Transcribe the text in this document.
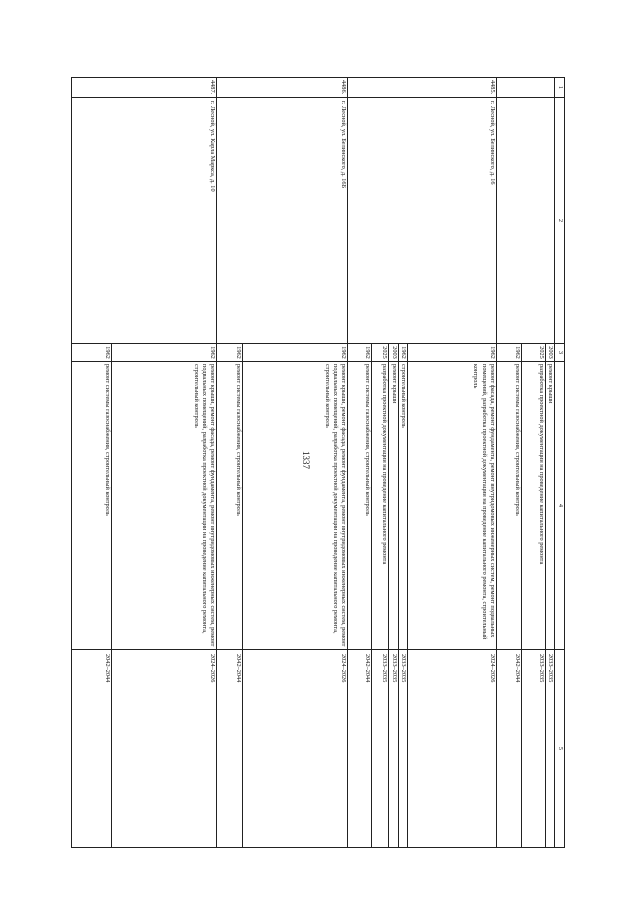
1337
1	2	3	4	5
		2003	ремонт крыши	2033–2035
		2025	разработка проектной документации на проведение капитального ремонта	2033–2035
		1962	ремонт системы газоснабжения, строительный контроль	2042–2044
4485.	г. Лесной, ул. Белинского, д. 16	1962	ремонт фасада, ремонт фундамента, ремонт внутридомовых инженерных систем, ремонт подвальных помещений, разработка проектной документации на проведение капитального ремонта, строительный контроль	2024–2026
		1962	строительный контроль	2033–2035
		2003	ремонт крыши	2033–2035
		2025	разработка проектной документации на проведение капитального ремонта	2033–2035
		1962	ремонт системы газоснабжения, строительный контроль	2042–2044
4486.	г. Лесной, ул. Белинского, д. 16Б	1962	ремонт крыши, ремонт фасада, ремонт фундамента, ремонт внутридомовых инженерных систем, ремонт подвальных помещений, разработка проектной документации на проведение капитального ремонта, строительный контроль	2024–2026
		1962	ремонт системы газоснабжения, строительный контроль	2042–2044
4487.	г. Лесной, ул. Карла Маркса, д. 10	1962	ремонт крыши, ремонт фасада, ремонт фундамента, ремонт внутридомовых инженерных систем, ремонт подвальных помещений, разработка проектной документации на проведение капитального ремонта, строительный контроль	2024–2026
		1962	ремонт системы газоснабжения, строительный контроль	2042–2044
